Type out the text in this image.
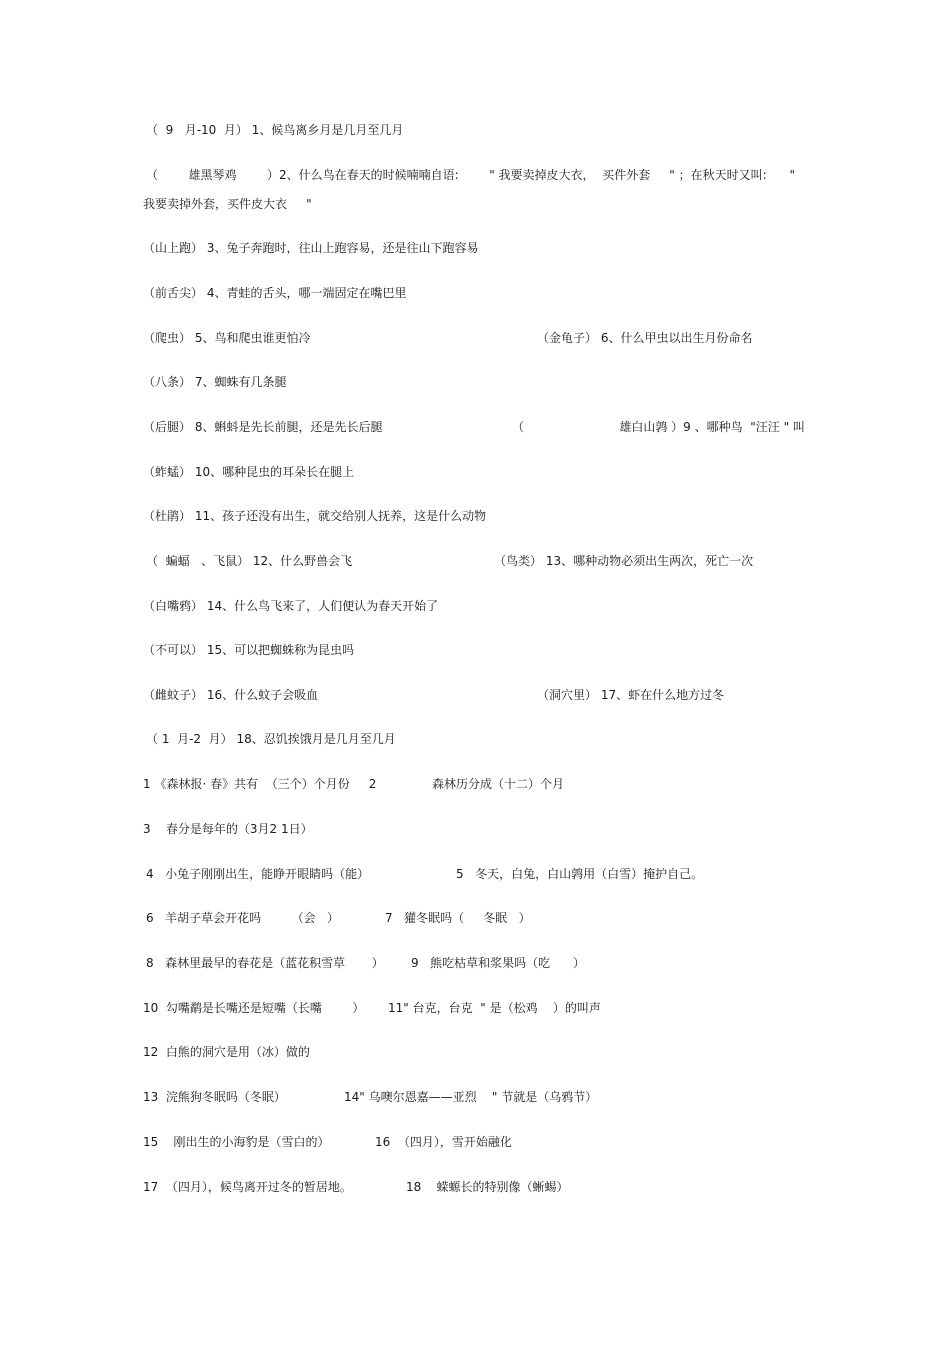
（  9   月-10  月） 1、候鸟离乡月是几月至几月
（        雄黑琴鸡        ）2、什么鸟在春天的时候喃喃自语:        " 我要卖掉皮大衣，  买件外套     " ；在秋天时又叫:      "
我要卖掉外套，买件皮大衣     "
（山上跑） 3、兔子奔跑时，往山上跑容易，还是往山下跑容易
（前舌尖） 4、青蛙的舌头，哪一端固定在嘴巴里
（爬虫） 5、鸟和爬虫谁更怕冷	（金龟子） 6、什么甲虫以出生月份命名
（八条） 7、蜘蛛有几条腿
（后腿） 8、蝌蚪是先长前腿，还是先长后腿	（                         雄白山鹑 ）9 、哪种鸟  "汪汪 " 叫
（蚱蜢） 10、哪种昆虫的耳朵长在腿上
（杜鹃） 11、孩子还没有出生，就交给别人抚养，这是什么动物
（  蝙蝠   、飞鼠） 12、什么野兽会飞	（鸟类） 13、哪种动物必须出生两次，死亡一次
（白嘴鸦） 14、什么鸟飞来了，人们便认为春天开始了
（不可以） 15、可以把蜘蛛称为昆虫吗
（雌蚊子） 16、什么蚊子会吸血	（洞穴里） 17、虾在什么地方过冬
（ 1  月-2  月） 18、忍饥挨饿月是几月至几月
1 《森林报· 春》共有  （三个）个月份     2	森林历分成（十二）个月
3    春分是每年的（3月2 1日）
4   小兔子刚刚出生，能睁开眼睛吗（能）	5   冬天，白兔，白山鹑用（白雪）掩护自己。
6   羊胡子草会开花吗        （会   ）	7   獾冬眠吗（     冬眠   ）
8   森林里最早的春花是（蓝花积雪草       ） 9   熊吃枯草和浆果吗（吃      ）
10  勾嘴鹬是长嘴还是短嘴（长嘴        ） 11" 台克，台克  " 是（松鸡    ）的叫声
12  白熊的洞穴是用（冰）做的
13  浣熊狗冬眠吗（冬眠）	14" 乌噢尔恩嘉——亚烈    " 节就是（乌鸦节）
15    刚出生的小海豹是（雪白的）	16  （四月），雪开始融化
17  （四月），候鸟离开过冬的暂居地。	18    蝾螈长的特别像（蜥蜴）
